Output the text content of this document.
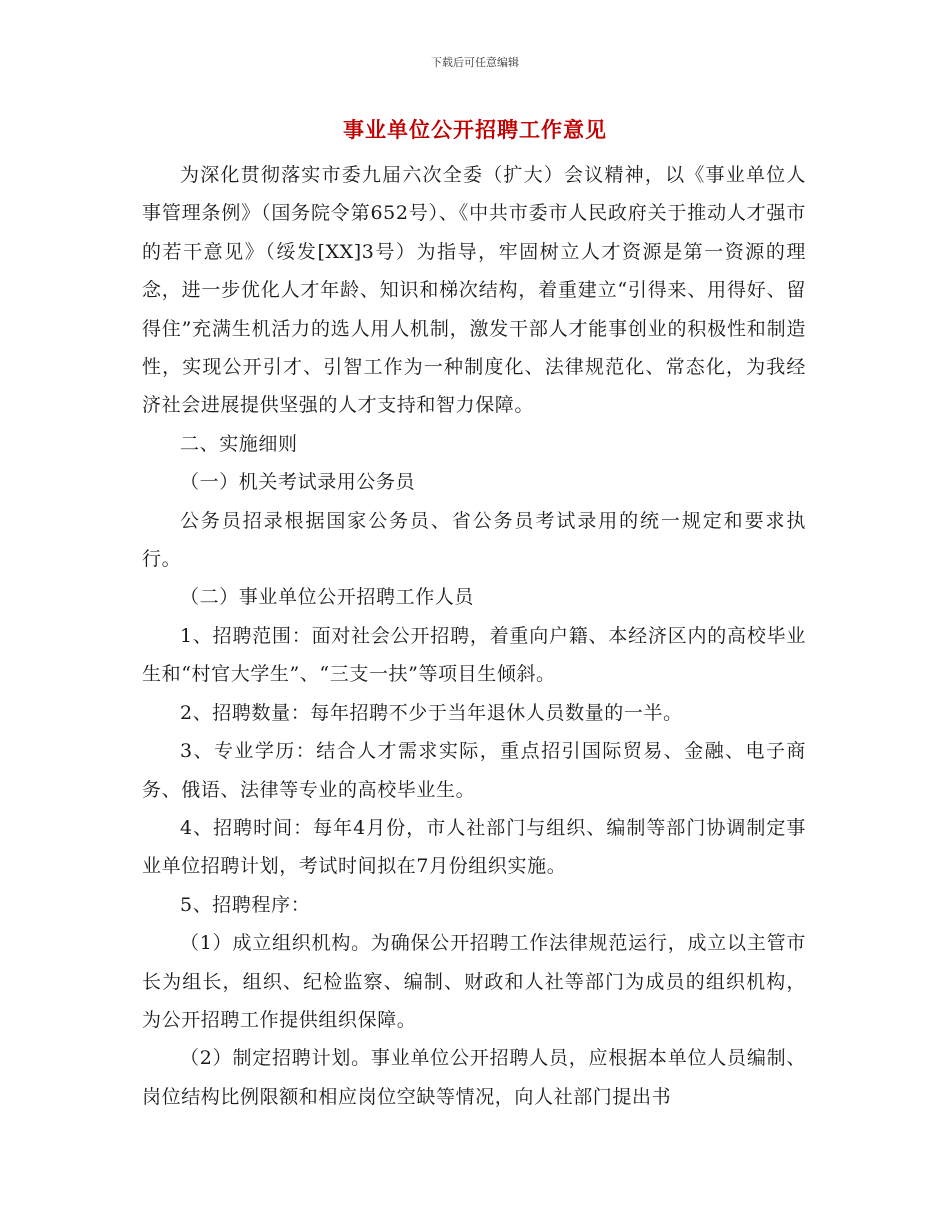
下载后可任意编辑
事业单位公开招聘工作意见

为深化贯彻落实市委九届六次全委（扩大）会议精神，以《事业单位人事管理条例》（国务院令第652号）、《中共市委市人民政府关于推动人才强市的若干意见》（绥发[XX]3号）为指导，牢固树立人才资源是第一资源的理念，进一步优化人才年龄、知识和梯次结构，着重建立“引得来、用得好、留得住”充满生机活力的选人用人机制，激发干部人才能事创业的积极性和制造性，实现公开引才、引智工作为一种制度化、法律规范化、常态化，为我经济社会进展提供坚强的人才支持和智力保障。

二、实施细则

（一）机关考试录用公务员

公务员招录根据国家公务员、省公务员考试录用的统一规定和要求执行。

（二）事业单位公开招聘工作人员

1、招聘范围：面对社会公开招聘，着重向户籍、本经济区内的高校毕业生和“村官大学生”、“三支一扶”等项目生倾斜。

2、招聘数量：每年招聘不少于当年退休人员数量的一半。

3、专业学历：结合人才需求实际，重点招引国际贸易、金融、电子商务、俄语、法律等专业的高校毕业生。

4、招聘时间：每年4月份，市人社部门与组织、编制等部门协调制定事业单位招聘计划，考试时间拟在7月份组织实施。

5、招聘程序：

（1）成立组织机构。为确保公开招聘工作法律规范运行，成立以主管市长为组长，组织、纪检监察、编制、财政和人社等部门为成员的组织机构，为公开招聘工作提供组织保障。

（2）制定招聘计划。事业单位公开招聘人员，应根据本单位人员编制、岗位结构比例限额和相应岗位空缺等情况，向人社部门提出书
